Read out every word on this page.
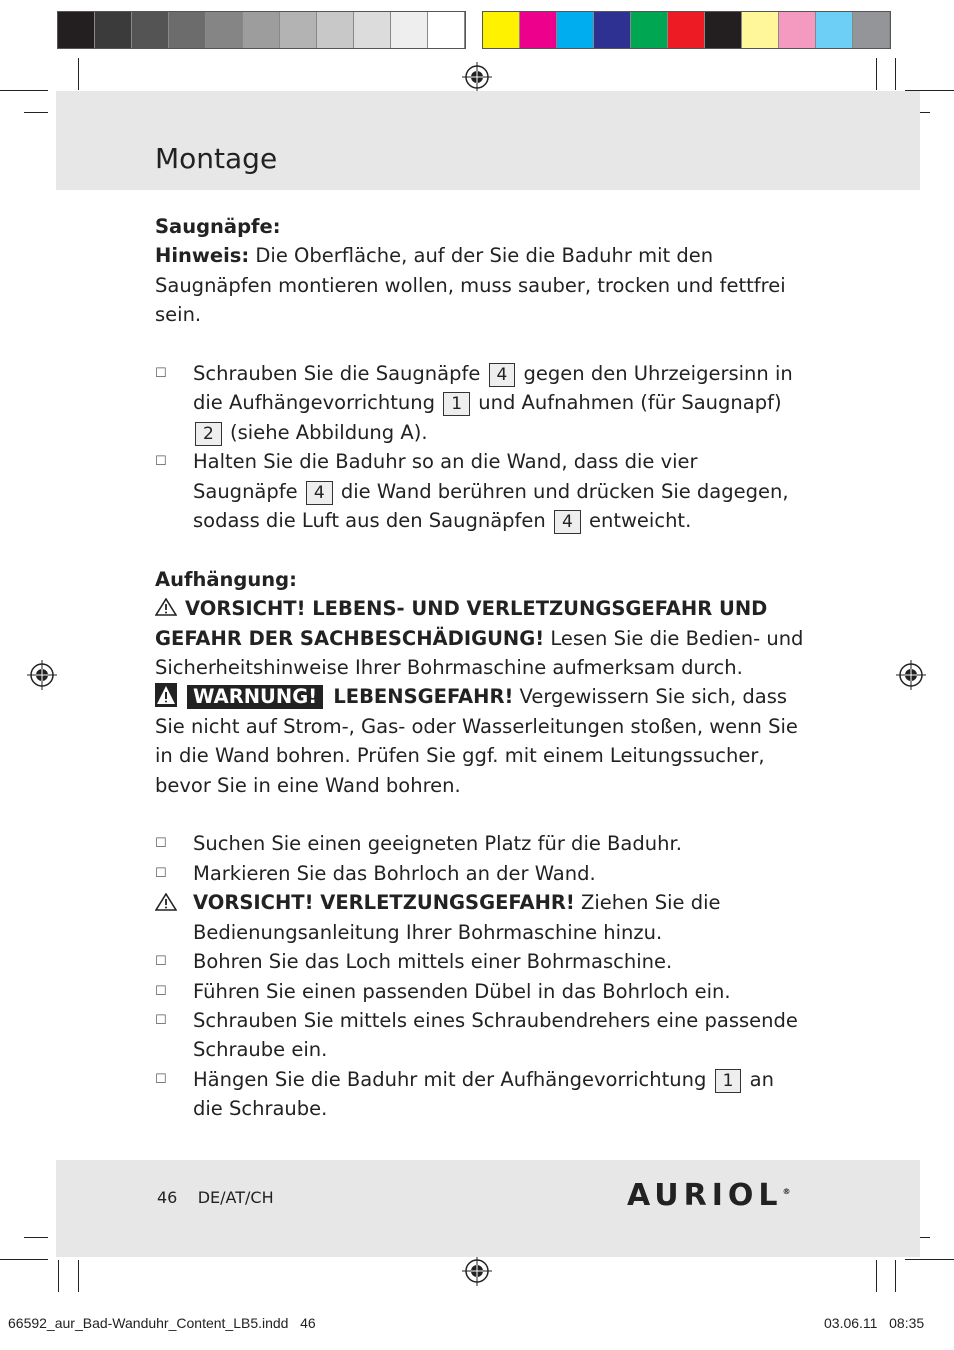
Montage

Saugnäpfe:

Hinweis: Die Oberfläche, auf der Sie die Baduhr mit den Saugnäpfen montieren wollen, muss sauber, trocken und fettfrei sein.

☐ Schrauben Sie die Saugnäpfe 4 gegen den Uhrzeigersinn in die Aufhängevorrichtung 1 und Aufnahmen (für Saugnapf) 2 (siehe Abbildung A).

☐ Halten Sie die Baduhr so an die Wand, dass die vier Saugnäpfe 4 die Wand berühren und drücken Sie dagegen, sodass die Luft aus den Saugnäpfen 4 entweicht.

Aufhängung:

VORSICHT! LEBENS- UND VERLETZUNGSGEFAHR UND GEFAHR DER SACHBESCHÄDIGUNG! Lesen Sie die Bedien- und Sicherheitshinweise Ihrer Bohrmaschine aufmerksam durch.

WARNUNG! LEBENSGEFAHR! Vergewissern Sie sich, dass Sie nicht auf Strom-, Gas- oder Wasserleitungen stoßen, wenn Sie in die Wand bohren. Prüfen Sie ggf. mit einem Leitungssucher, bevor Sie in eine Wand bohren.

☐ Suchen Sie einen geeigneten Platz für die Baduhr.

☐ Markieren Sie das Bohrloch an der Wand.

VORSICHT! VERLETZUNGSGEFAHR! Ziehen Sie die Bedienungsanleitung Ihrer Bohrmaschine hinzu.

☐ Bohren Sie das Loch mittels einer Bohrmaschine.

☐ Führen Sie einen passenden Dübel in das Bohrloch ein.

☐ Schrauben Sie mittels eines Schraubendrehers eine passende Schraube ein.

☐ Hängen Sie die Baduhr mit der Aufhängevorrichtung 1 an die Schraube.

46 DE/AT/CH	AURIOL®
66592_aur_Bad-Wanduhr_Content_LB5.indd   46	03.06.11   08:35
